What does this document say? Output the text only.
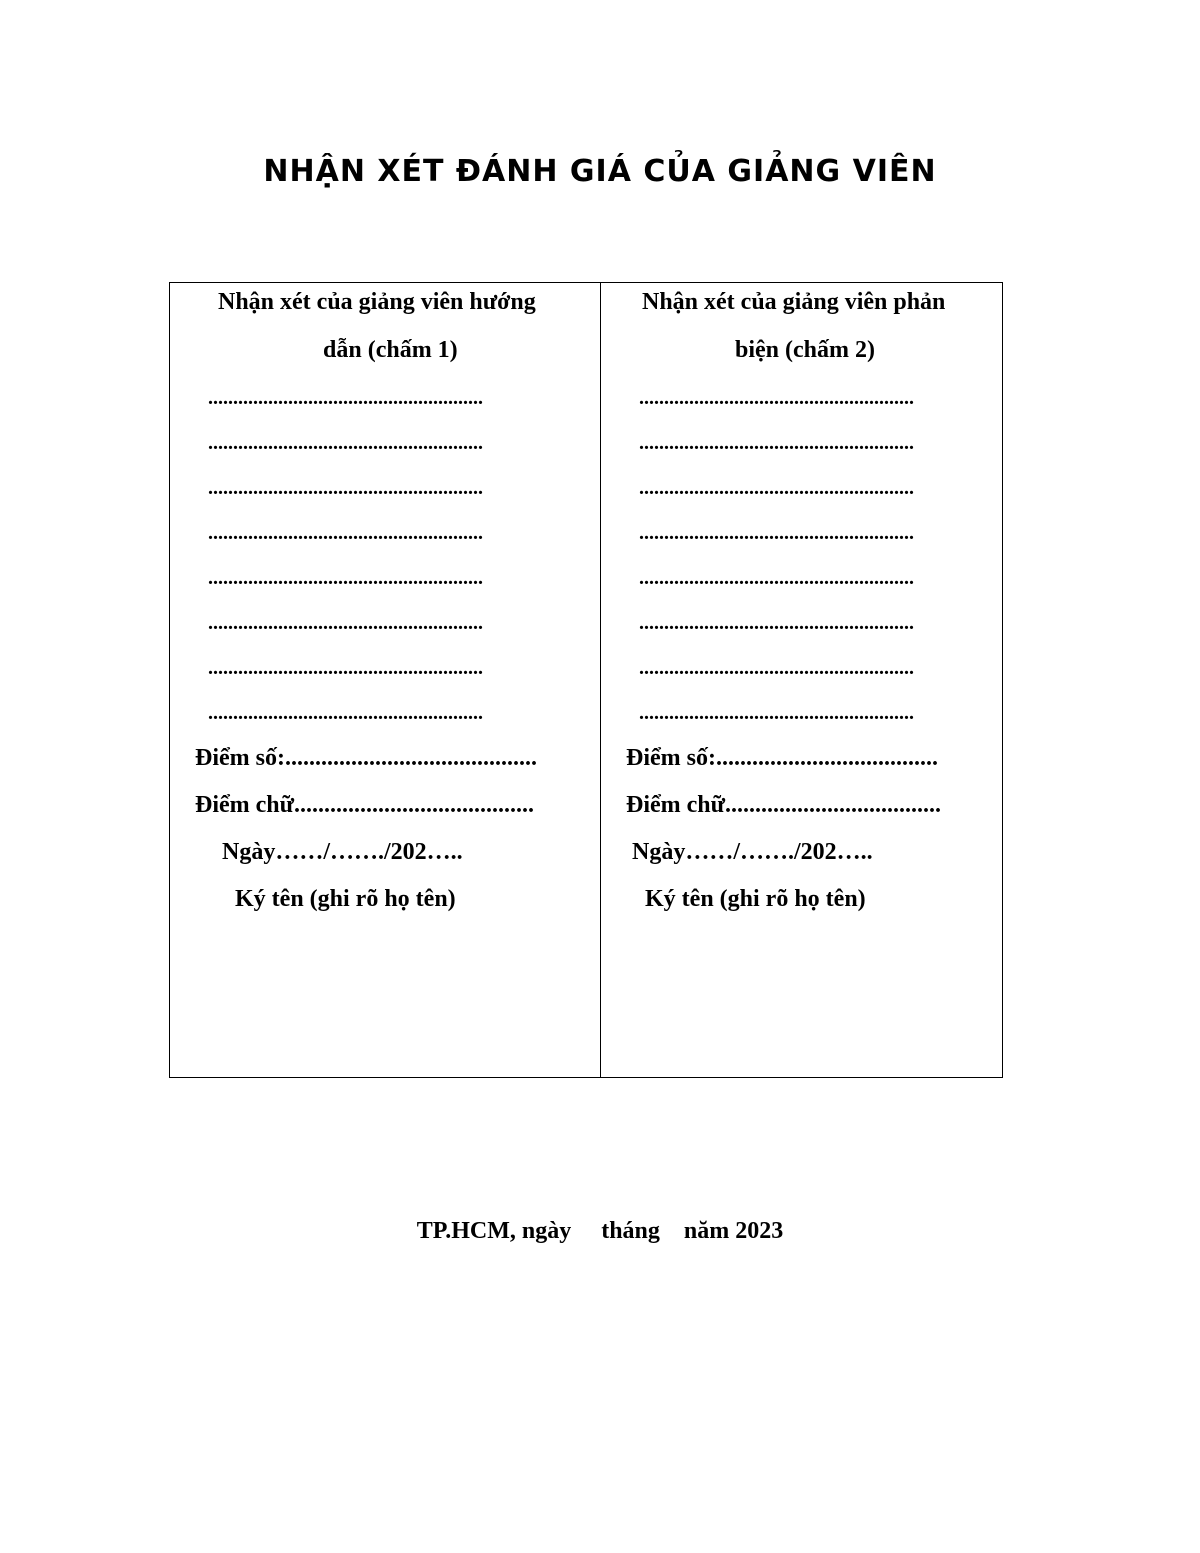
NHẬN XÉT ĐÁNH GIÁ CỦA GIẢNG VIÊN
Nhận xét của giảng viên hướng
dẫn (chấm 1)
.......................................................
.......................................................
.......................................................
.......................................................
.......................................................
.......................................................
.......................................................
.......................................................
Điểm số:..........................................
Điểm chữ........................................
Ngày……/……./202…..
Ký tên (ghi rõ họ tên)
Nhận xét của giảng viên phản
biện (chấm 2)
.......................................................
.......................................................
.......................................................
.......................................................
.......................................................
.......................................................
.......................................................
.......................................................
Điểm số:.....................................
Điểm chữ....................................
Ngày……/……./202…..
Ký tên (ghi rõ họ tên)
TP.HCM, ngày     tháng    năm 2023
